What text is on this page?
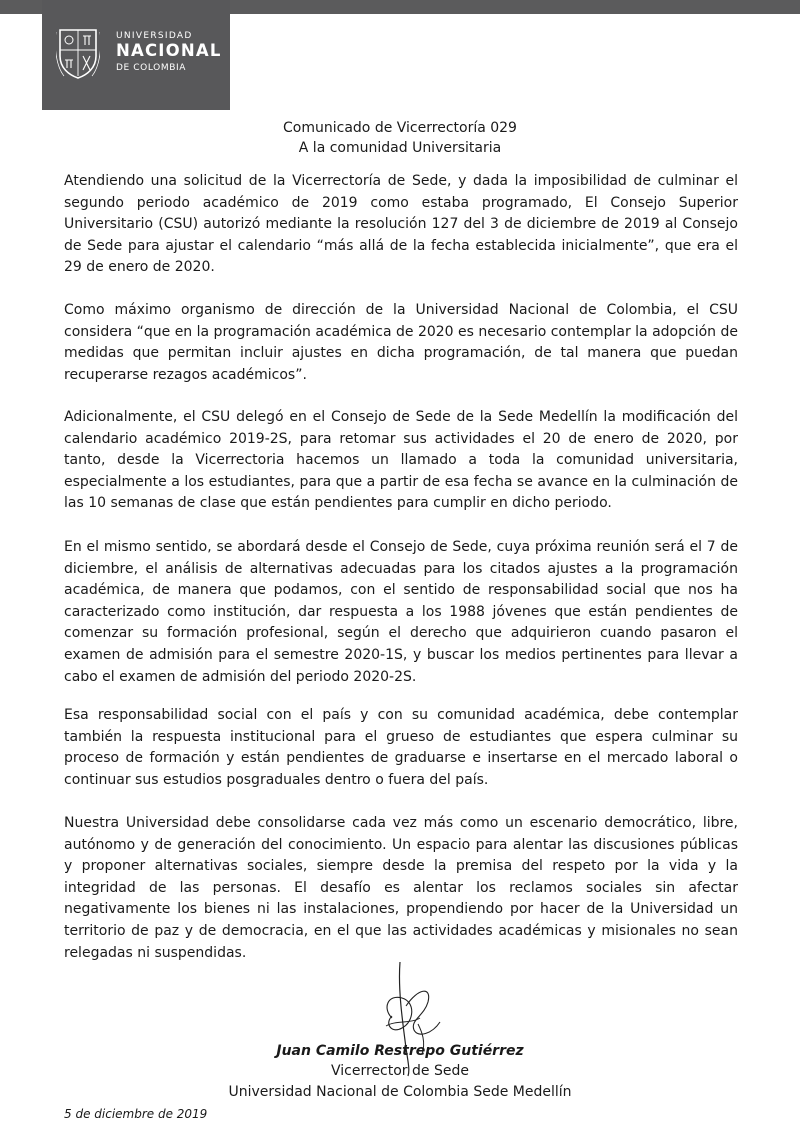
UNIVERSIDAD
NACIONAL
DE COLOMBIA
Vicerrectoría de Sede
Comunicado de Vicerrectoría 029
A la comunidad Universitaria

Atendiendo una solicitud de la Vicerrectoría de Sede, y dada la imposibilidad de culminar el segundo periodo académico de 2019 como estaba programado, El Consejo Superior Universitario (CSU) autorizó mediante la resolución 127 del 3 de diciembre de 2019 al Consejo de Sede para ajustar el calendario “más allá de la fecha establecida inicialmente”, que era el 29 de enero de 2020.

Como máximo organismo de dirección de la Universidad Nacional de Colombia, el CSU considera “que en la programación académica de 2020 es necesario contemplar la adopción de medidas que permitan incluir ajustes en dicha programación, de tal manera que puedan recuperarse rezagos académicos”.

Adicionalmente, el CSU delegó en el Consejo de Sede de la Sede Medellín la modificación del calendario académico 2019-2S, para retomar sus actividades el 20 de enero de 2020, por tanto, desde la Vicerrectoria hacemos un llamado a toda la comunidad universitaria, especialmente a los estudiantes, para que a partir de esa fecha se avance en la culminación de las 10 semanas de clase que están pendientes para cumplir en dicho periodo.

En el mismo sentido, se abordará desde el Consejo de Sede, cuya próxima reunión será el 7 de diciembre, el análisis de alternativas adecuadas para los citados ajustes a la programación académica, de manera que podamos, con el sentido de responsabilidad social que nos ha caracterizado como institución, dar respuesta a los 1988 jóvenes que están pendientes de comenzar su formación profesional, según el derecho que adquirieron cuando pasaron el examen de admisión para el semestre 2020-1S, y buscar los medios pertinentes para llevar a cabo el examen de admisión del periodo 2020-2S.

Esa responsabilidad social con el país y con su comunidad académica, debe contemplar también la respuesta institucional para el grueso de estudiantes que espera culminar su proceso de formación y están pendientes de graduarse e insertarse en el mercado laboral o continuar sus estudios posgraduales dentro o fuera del país.

Nuestra Universidad debe consolidarse cada vez más como un escenario democrático, libre, autónomo y de generación del conocimiento. Un espacio para alentar las discusiones públicas y proponer alternativas sociales, siempre desde la premisa del respeto por la vida y la integridad de las personas. El desafío es alentar los reclamos sociales sin afectar negativamente los bienes ni las instalaciones, propendiendo por hacer de la Universidad un territorio de paz y de democracia, en el que las actividades académicas y misionales no sean relegadas ni suspendidas.

Juan Camilo Restrepo Gutiérrez
Vicerrector de Sede
Universidad Nacional de Colombia Sede Medellín
5 de diciembre de 2019
